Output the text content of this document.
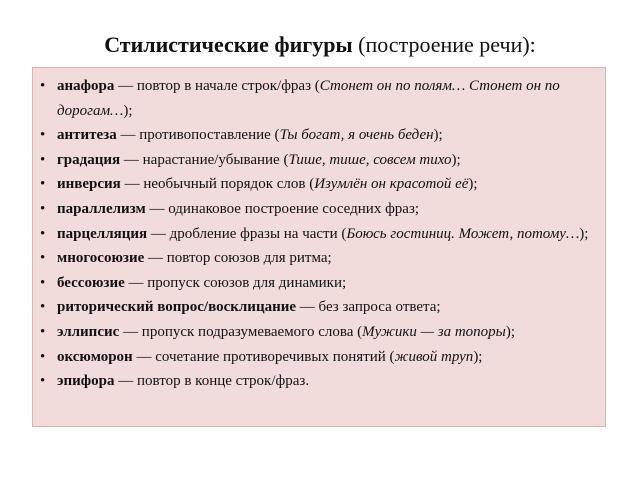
Стилистические фигуры (построение речи):
• анафора — повтор в начале строк/фраз (Стонет он по полям… Стонет он по дорогам…);
• антитеза — противопоставление (Ты богат, я очень беден);
• градация — нарастание/убывание (Тише, тише, совсем тихо);
• инверсия — необычный порядок слов (Изумлён он красотой её);
• параллелизм — одинаковое построение соседних фраз;
• парцелляция — дробление фразы на части (Боюсь гостиниц. Может, потому…);
• многосоюзие — повтор союзов для ритма;
• бессоюзие — пропуск союзов для динамики;
• риторический вопрос/восклицание — без запроса ответа;
• эллипсис — пропуск подразумеваемого слова (Мужики — за топоры);
• оксюморон — сочетание противоречивых понятий (живой труп);
• эпифора — повтор в конце строк/фраз.
